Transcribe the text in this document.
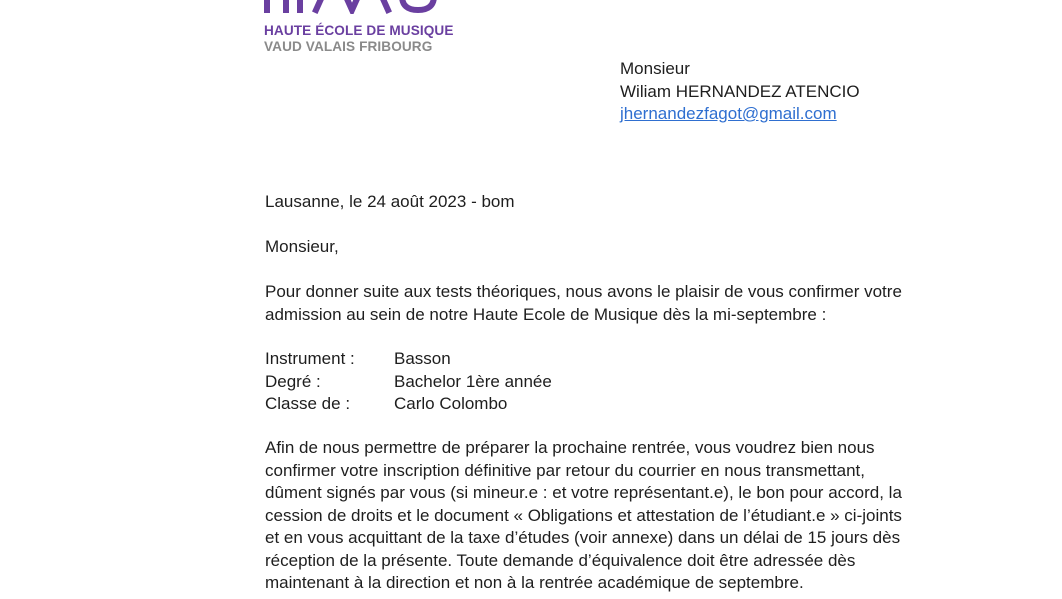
HAUTE ÉCOLE DE MUSIQUE
VAUD VALAIS FRIBOURG
Monsieur
Wiliam HERNANDEZ ATENCIO
jhernandezfagot@gmail.com

Lausanne, le 24 août 2023 - bom

Monsieur,

Pour donner suite aux tests théoriques, nous avons le plaisir de vous confirmer votre

admission au sein de notre Haute Ecole de Musique dès la mi-septembre :

Instrument :	Basson
Degré :	Bachelor 1ère année
Classe de :	Carlo Colombo

Afin de nous permettre de préparer la prochaine rentrée, vous voudrez bien nous

confirmer votre inscription définitive par retour du courrier en nous transmettant,

dûment signés par vous (si mineur.e : et votre représentant.e), le bon pour accord, la

cession de droits et le document « Obligations et attestation de l’étudiant.e » ci-joints

et en vous acquittant de la taxe d’études (voir annexe) dans un délai de 15 jours dès

réception de la présente. Toute demande d’équivalence doit être adressée dès

maintenant à la direction et non à la rentrée académique de septembre.
